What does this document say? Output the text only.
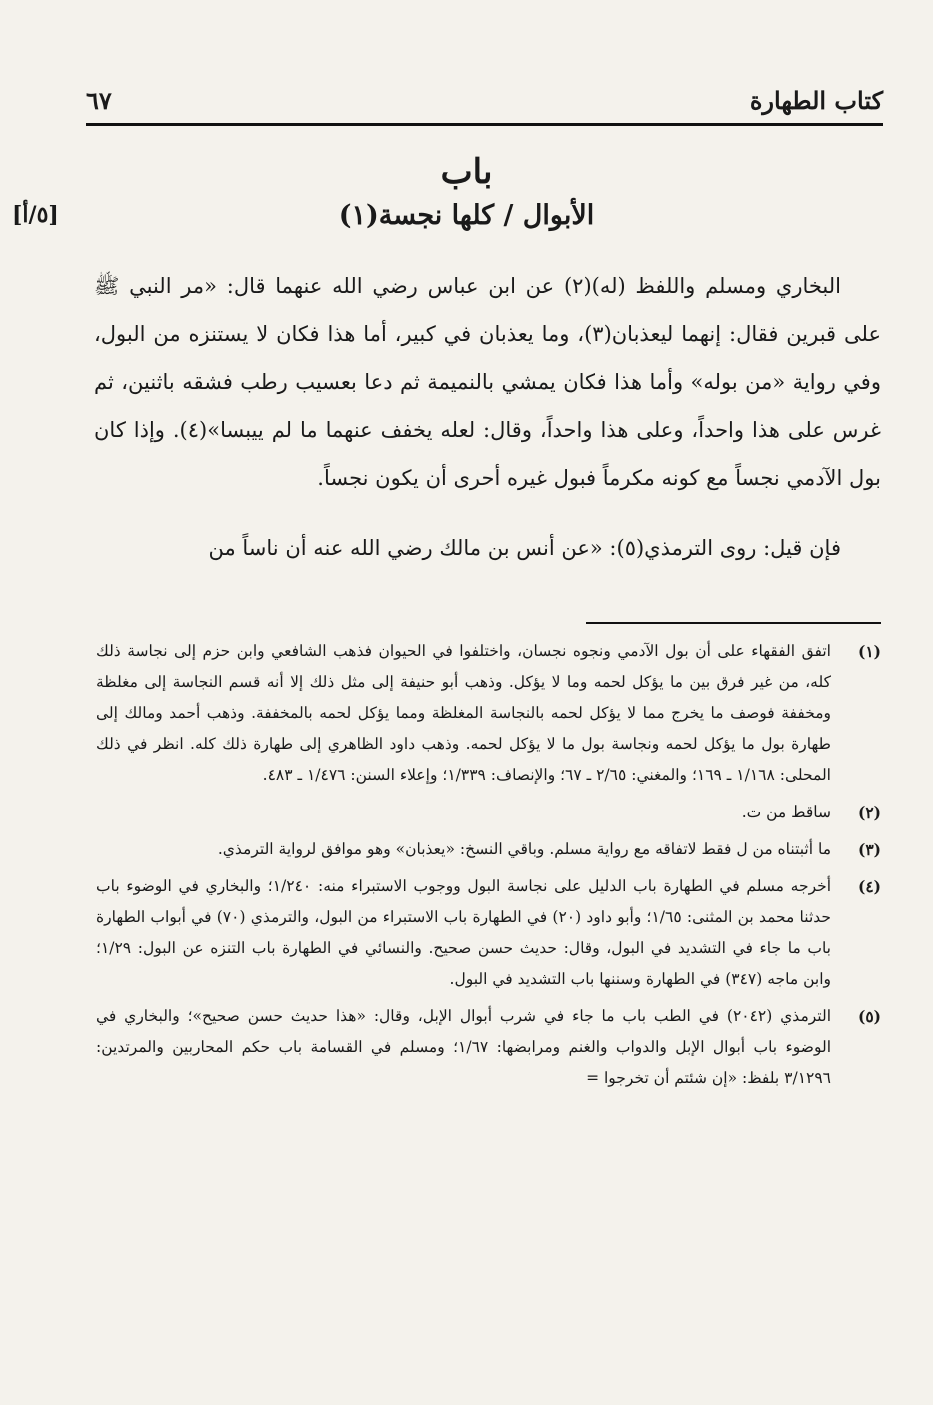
كتاب الطهارة
٦٧
باب
الأبوال / كلها نجسة(١)
[٥/أ]

البخاري ومسلم واللفظ (له)(٢) عن ابن عباس رضي الله عنهما قال: «مر النبي ﷺ على قبرين فقال: إنهما ليعذبان(٣)، وما يعذبان في كبير، أما هذا فكان لا يستنزه من البول، وفي رواية «من بوله» وأما هذا فكان يمشي بالنميمة ثم دعا بعسيب رطب فشقه باثنين، ثم غرس على هذا واحداً، وعلى هذا واحداً، وقال: لعله يخفف عنهما ما لم ييبسا»(٤). وإذا كان بول الآدمي نجساً مع كونه مكرماً فبول غيره أحرى أن يكون نجساً.

فإن قيل: روى الترمذي(٥): «عن أنس بن مالك رضي الله عنه أن ناساً من

(١)
اتفق الفقهاء على أن بول الآدمي ونجوه نجسان، واختلفوا في الحيوان فذهب الشافعي وابن حزم إلى نجاسة ذلك كله، من غير فرق بين ما يؤكل لحمه وما لا يؤكل. وذهب أبو حنيفة إلى مثل ذلك إلا أنه قسم النجاسة إلى مغلظة ومخففة فوصف ما يخرج مما لا يؤكل لحمه بالنجاسة المغلظة ومما يؤكل لحمه بالمخففة. وذهب أحمد ومالك إلى طهارة بول ما يؤكل لحمه ونجاسة بول ما لا يؤكل لحمه. وذهب داود الظاهري إلى طهارة ذلك كله. انظر في ذلك المحلى: ١/١٦٨ ـ ١٦٩؛ والمغني: ٢/٦٥ ـ ٦٧؛ والإنصاف: ١/٣٣٩؛ وإعلاء السنن: ١/٤٧٦ ـ ٤٨٣.
(٢)
ساقط من ت.
(٣)
ما أثبتناه من ل فقط لاتفاقه مع رواية مسلم. وباقي النسخ: «يعذبان» وهو موافق لرواية الترمذي.
(٤)
أخرجه مسلم في الطهارة باب الدليل على نجاسة البول ووجوب الاستبراء منه: ١/٢٤٠؛ والبخاري في الوضوء باب حدثنا محمد بن المثنى: ١/٦٥؛ وأبو داود (٢٠) في الطهارة باب الاستبراء من البول، والترمذي (٧٠) في أبواب الطهارة باب ما جاء في التشديد في البول، وقال: حديث حسن صحيح. والنسائي في الطهارة باب التنزه عن البول: ١/٢٩؛ وابن ماجه (٣٤٧) في الطهارة وسننها باب التشديد في البول.
(٥)
الترمذي (٢٠٤٢) في الطب باب ما جاء في شرب أبوال الإبل، وقال: «هذا حديث حسن صحيح»؛ والبخاري في الوضوء باب أبوال الإبل والدواب والغنم ومرابضها: ١/٦٧؛ ومسلم في القسامة باب حكم المحاربين والمرتدين: ٣/١٢٩٦ بلفظ: «إن شئتم أن تخرجوا =
